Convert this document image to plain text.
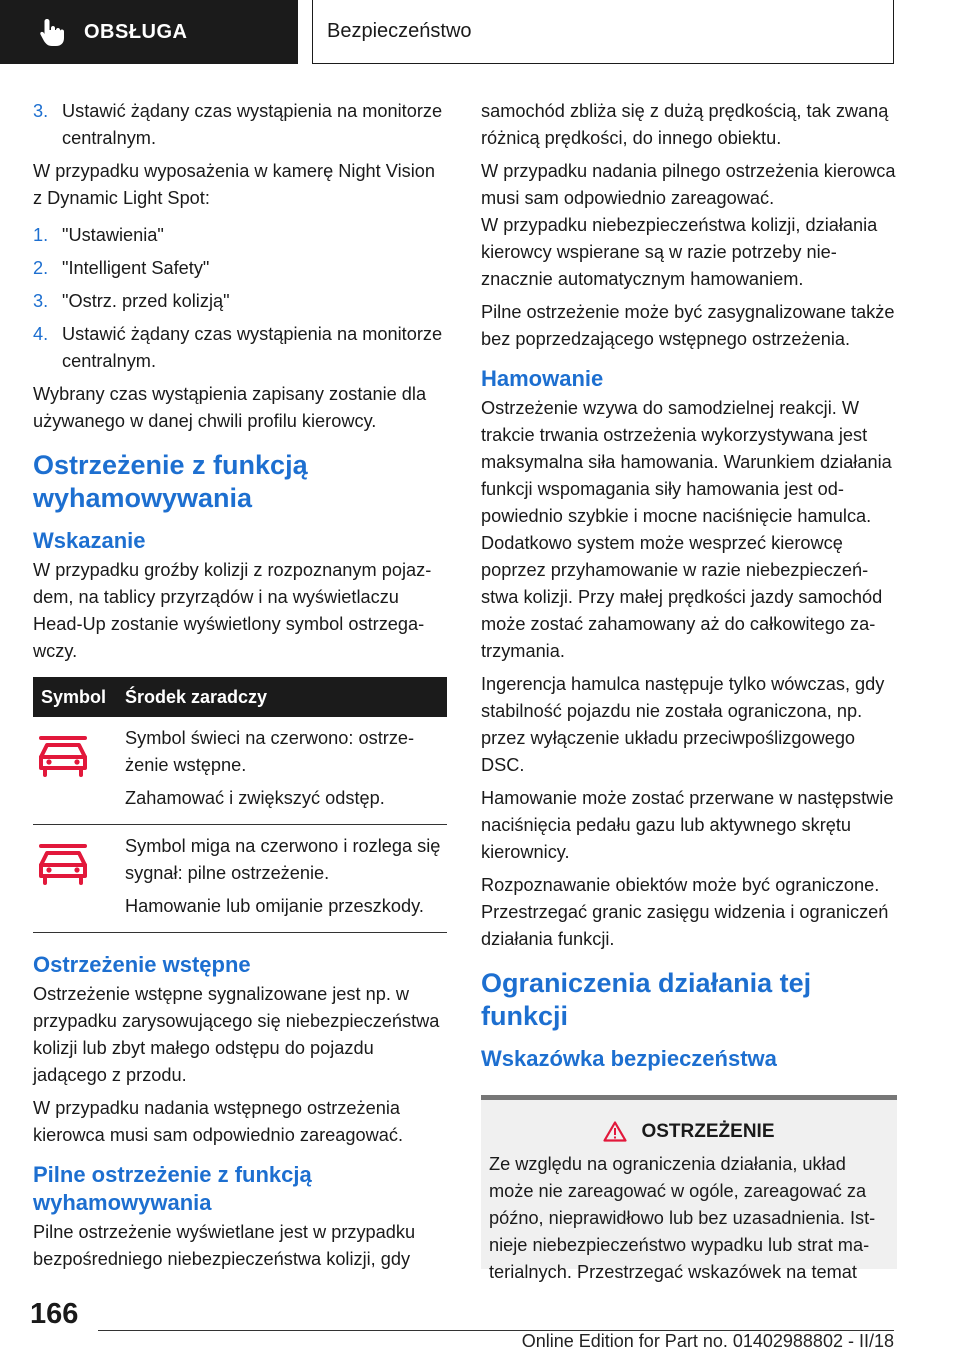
OBSŁUGA	Bezpieczeństwo
3. Ustawić żądany czas wystąpienia na monitorze centralnym.

W przypadku wyposażenia w kamerę Night Vision z Dynamic Light Spot:

1. "Ustawienia"
2. "Intelligent Safety"
3. "Ostrz. przed kolizją"
4. Ustawić żądany czas wystąpienia na monitorze centralnym.

Wybrany czas wystąpienia zapisany zostanie dla używanego w danej chwili profilu kierowcy.

Ostrzeżenie z funkcją wyhamowywania
Wskazanie

W przypadku groźby kolizji z rozpoznanym pojazdem, na tablicy przyrządów i na wyświetlaczu Head-Up zostanie wyświetlony symbol ostrzegawczy.

Symbol	Środek zaradczy

Symbol świeci na czerwono: ostrzeżenie wstępne.

Zahamować i zwiększyć odstęp.

Symbol miga na czerwono i rozlega się sygnał: pilne ostrzeżenie.

Hamowanie lub omijanie przeszkody.

Ostrzeżenie wstępne

Ostrzeżenie wstępne sygnalizowane jest np. w przypadku zarysowującego się niebezpieczeństwa kolizji lub zbyt małego odstępu do pojazdu jadącego z przodu.

W przypadku nadania wstępnego ostrzeżenia kierowca musi sam odpowiednio zareagować.

Pilne ostrzeżenie z funkcją wyhamowywania

Pilne ostrzeżenie wyświetlane jest w przypadku bezpośredniego niebezpieczeństwa kolizji, gdy

samochód zbliża się z dużą prędkością, tak zwaną różnicą prędkości, do innego obiektu.

W przypadku nadania pilnego ostrzeżenia kierowca musi sam odpowiednio zareagować.

W przypadku niebezpieczeństwa kolizji, działania kierowcy wspierane są w razie potrzeby nieznacznie automatycznym hamowaniem.

Pilne ostrzeżenie może być zasygnalizowane także bez poprzedzającego wstępnego ostrzeżenia.

Hamowanie

Ostrzeżenie wzywa do samodzielnej reakcji. W trakcie trwania ostrzeżenia wykorzystywana jest maksymalna siła hamowania. Warunkiem działania funkcji wspomagania siły hamowania jest odpowiednio szybkie i mocne naciśnięcie hamulca. Dodatkowo system może wesprzeć kierowcę poprzez przyhamowanie w razie niebezpieczeństwa kolizji. Przy małej prędkości jazdy samochód może zostać zahamowany aż do całkowitego zatrzymania.

Ingerencja hamulca następuje tylko wówczas, gdy stabilność pojazdu nie została ograniczona, np. przez wyłączenie układu przeciwpoślizgowego DSC.

Hamowanie może zostać przerwane w następstwie naciśnięcia pedału gazu lub aktywnego skrętu kierownicy.

Rozpoznawanie obiektów może być ograniczone. Przestrzegać granic zasięgu widzenia i ograniczeń działania funkcji.

Ograniczenia działania tej funkcji
Wskazówka bezpieczeństwa
OSTRZEŻENIE

Ze względu na ograniczenia działania, układ może nie zareagować w ogóle, zareagować za późno, nieprawidłowo lub bez uzasadnienia. Istnieje niebezpieczeństwo wypadku lub strat materialnych. Przestrzegać wskazówek na temat

166
Online Edition for Part no. 01402988802 - II/18
